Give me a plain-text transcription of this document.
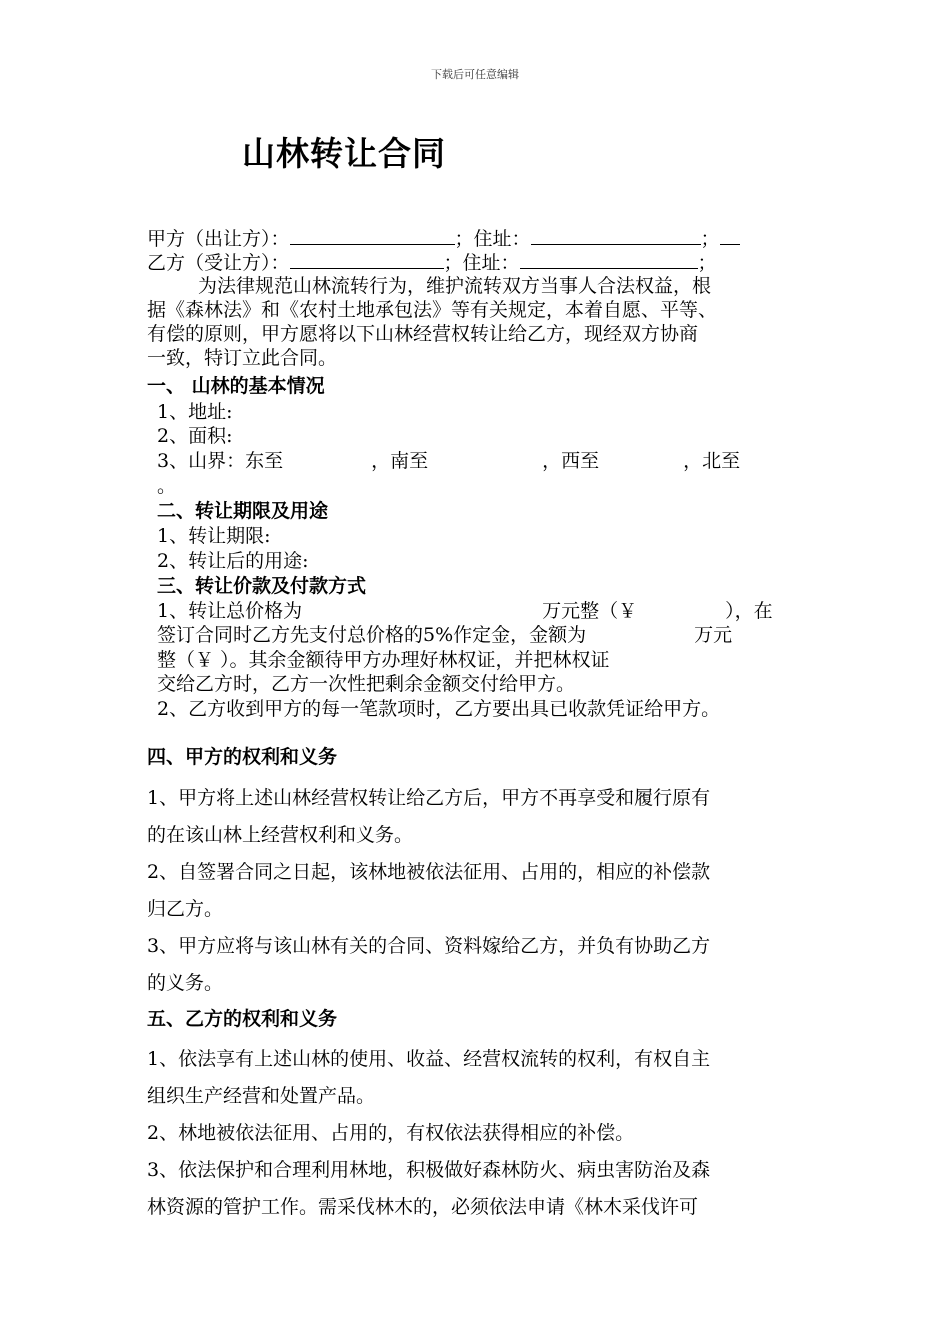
下载后可任意编辑
山林转让合同
甲方（出让方）：	；住址：	；
乙方（受让方）：	；住址：	；
为法律规范山林流转行为，维护流转双方当事人合法权益，根
据《森林法》和《农村土地承包法》等有关规定，本着自愿、平等、
有偿的原则，甲方愿将以下山林经营权转让给乙方，现经双方协商
一致，特订立此合同。
一、 山林的基本情况
1、地址:
2、面积:
3、山界：东至	，南至	，西至	，北至
。
二、转让期限及用途
1、转让期限:
2、转让后的用途:
三、转让价款及付款方式
1、转让总价格为	万元整（￥	），在
签订合同时乙方先支付总价格的5%作定金，金额为	万元
整（￥ ）。其余金额待甲方办理好林权证，并把林权证
交给乙方时，乙方一次性把剩余金额交付给甲方。
2、乙方收到甲方的每一笔款项时，乙方要出具已收款凭证给甲方。
四、甲方的权利和义务
1、甲方将上述山林经营权转让给乙方后，甲方不再享受和履行原有
的在该山林上经营权利和义务。
2、自签署合同之日起，该林地被依法征用、占用的，相应的补偿款
归乙方。
3、甲方应将与该山林有关的合同、资料嫁给乙方，并负有协助乙方
的义务。
五、乙方的权利和义务
1、依法享有上述山林的使用、收益、经营权流转的权利，有权自主
组织生产经营和处置产品。
2、林地被依法征用、占用的，有权依法获得相应的补偿。
3、依法保护和合理利用林地，积极做好森林防火、病虫害防治及森
林资源的管护工作。需采伐林木的，必须依法申请《林木采伐许可
